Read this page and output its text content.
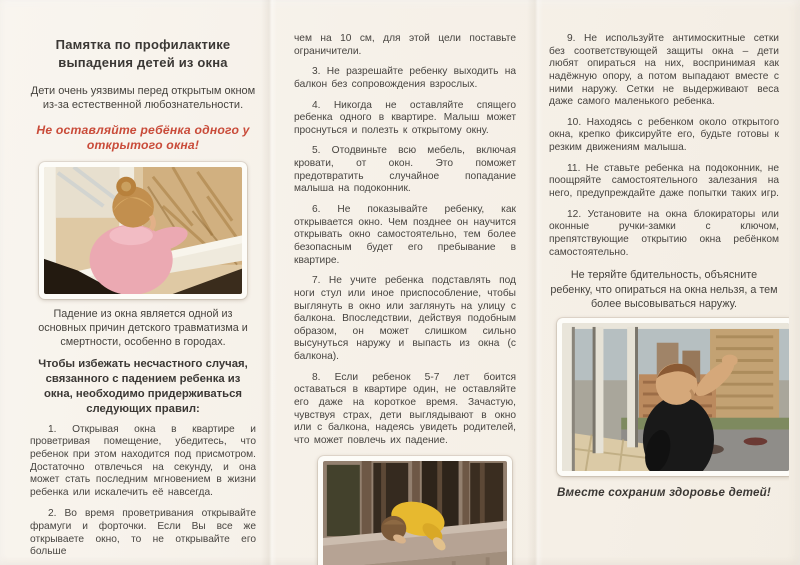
Памятка по профилактике выпадения детей из окна

Дети очень уязвимы перед открытым окном из-за естественной любознательности.

Не оставляйте ребёнка одного у открытого окна!

Падение из окна является одной из основных причин детского травматизма и смертности, особенно в городах.

Чтобы избежать несчастного случая, связанного с падением ребенка из окна, необходимо придерживаться следующих правил:

1. Открывая окна в квартире и проветривая помещение, убедитесь, что ребенок при этом находится под присмотром. Достаточно отвлечься на секунду, и она может стать последним мгновением в жизни ребенка или искалечить её навсегда.

2. Во время проветривания открывайте фрамуги и форточки. Если Вы все же открываете окно, то не открывайте его больше

чем на 10 см, для этой цели поставьте ограничители.

3. Не разрешайте ребенку выходить на балкон без сопровождения взрослых.

4. Никогда не оставляйте спящего ребенка одного в квартире. Малыш может проснуться и полезть к открытому окну.

5. Отодвиньте всю мебель, включая кровати, от окон. Это поможет предотвратить случайное попадание малыша на подоконник.

6. Не показывайте ребенку, как открывается окно. Чем позднее он научится открывать окно самостоятельно, тем более безопасным будет его пребывание в квартире.

7. Не учите ребенка подставлять под ноги стул или иное приспособление, чтобы выглянуть в окно или заглянуть на улицу с балкона. Впоследствии, действуя подобным образом, он может слишком сильно высунуться наружу и выпасть из окна (с балкона).

8. Если ребенок 5-7 лет боится оставаться в квартире один, не оставляйте его даже на короткое время. Зачастую, чувствуя страх, дети выглядывают в окно или с балкона, надеясь увидеть родителей, что может повлечь их падение.

9. Не используйте антимоскитные сетки без соответствующей защиты окна – дети любят опираться на них, воспринимая как надёжную опору, а потом выпадают вместе с ними наружу. Сетки не выдерживают веса даже самого маленького ребенка.

10. Находясь с ребенком около открытого окна, крепко фиксируйте его, будьте готовы к резким движениям малыша.

11. Не ставьте ребенка на подоконник, не поощряйте самостоятельного залезания на него, предупреждайте даже попытки таких игр.

12. Установите на окна блокираторы или оконные ручки-замки с ключом, препятствующие открытию окна ребёнком самостоятельно.

Не теряйте бдительность, объясните ребенку, что опираться на окна нельзя, а тем более высовываться наружу.

Вместе сохраним здоровье детей!
